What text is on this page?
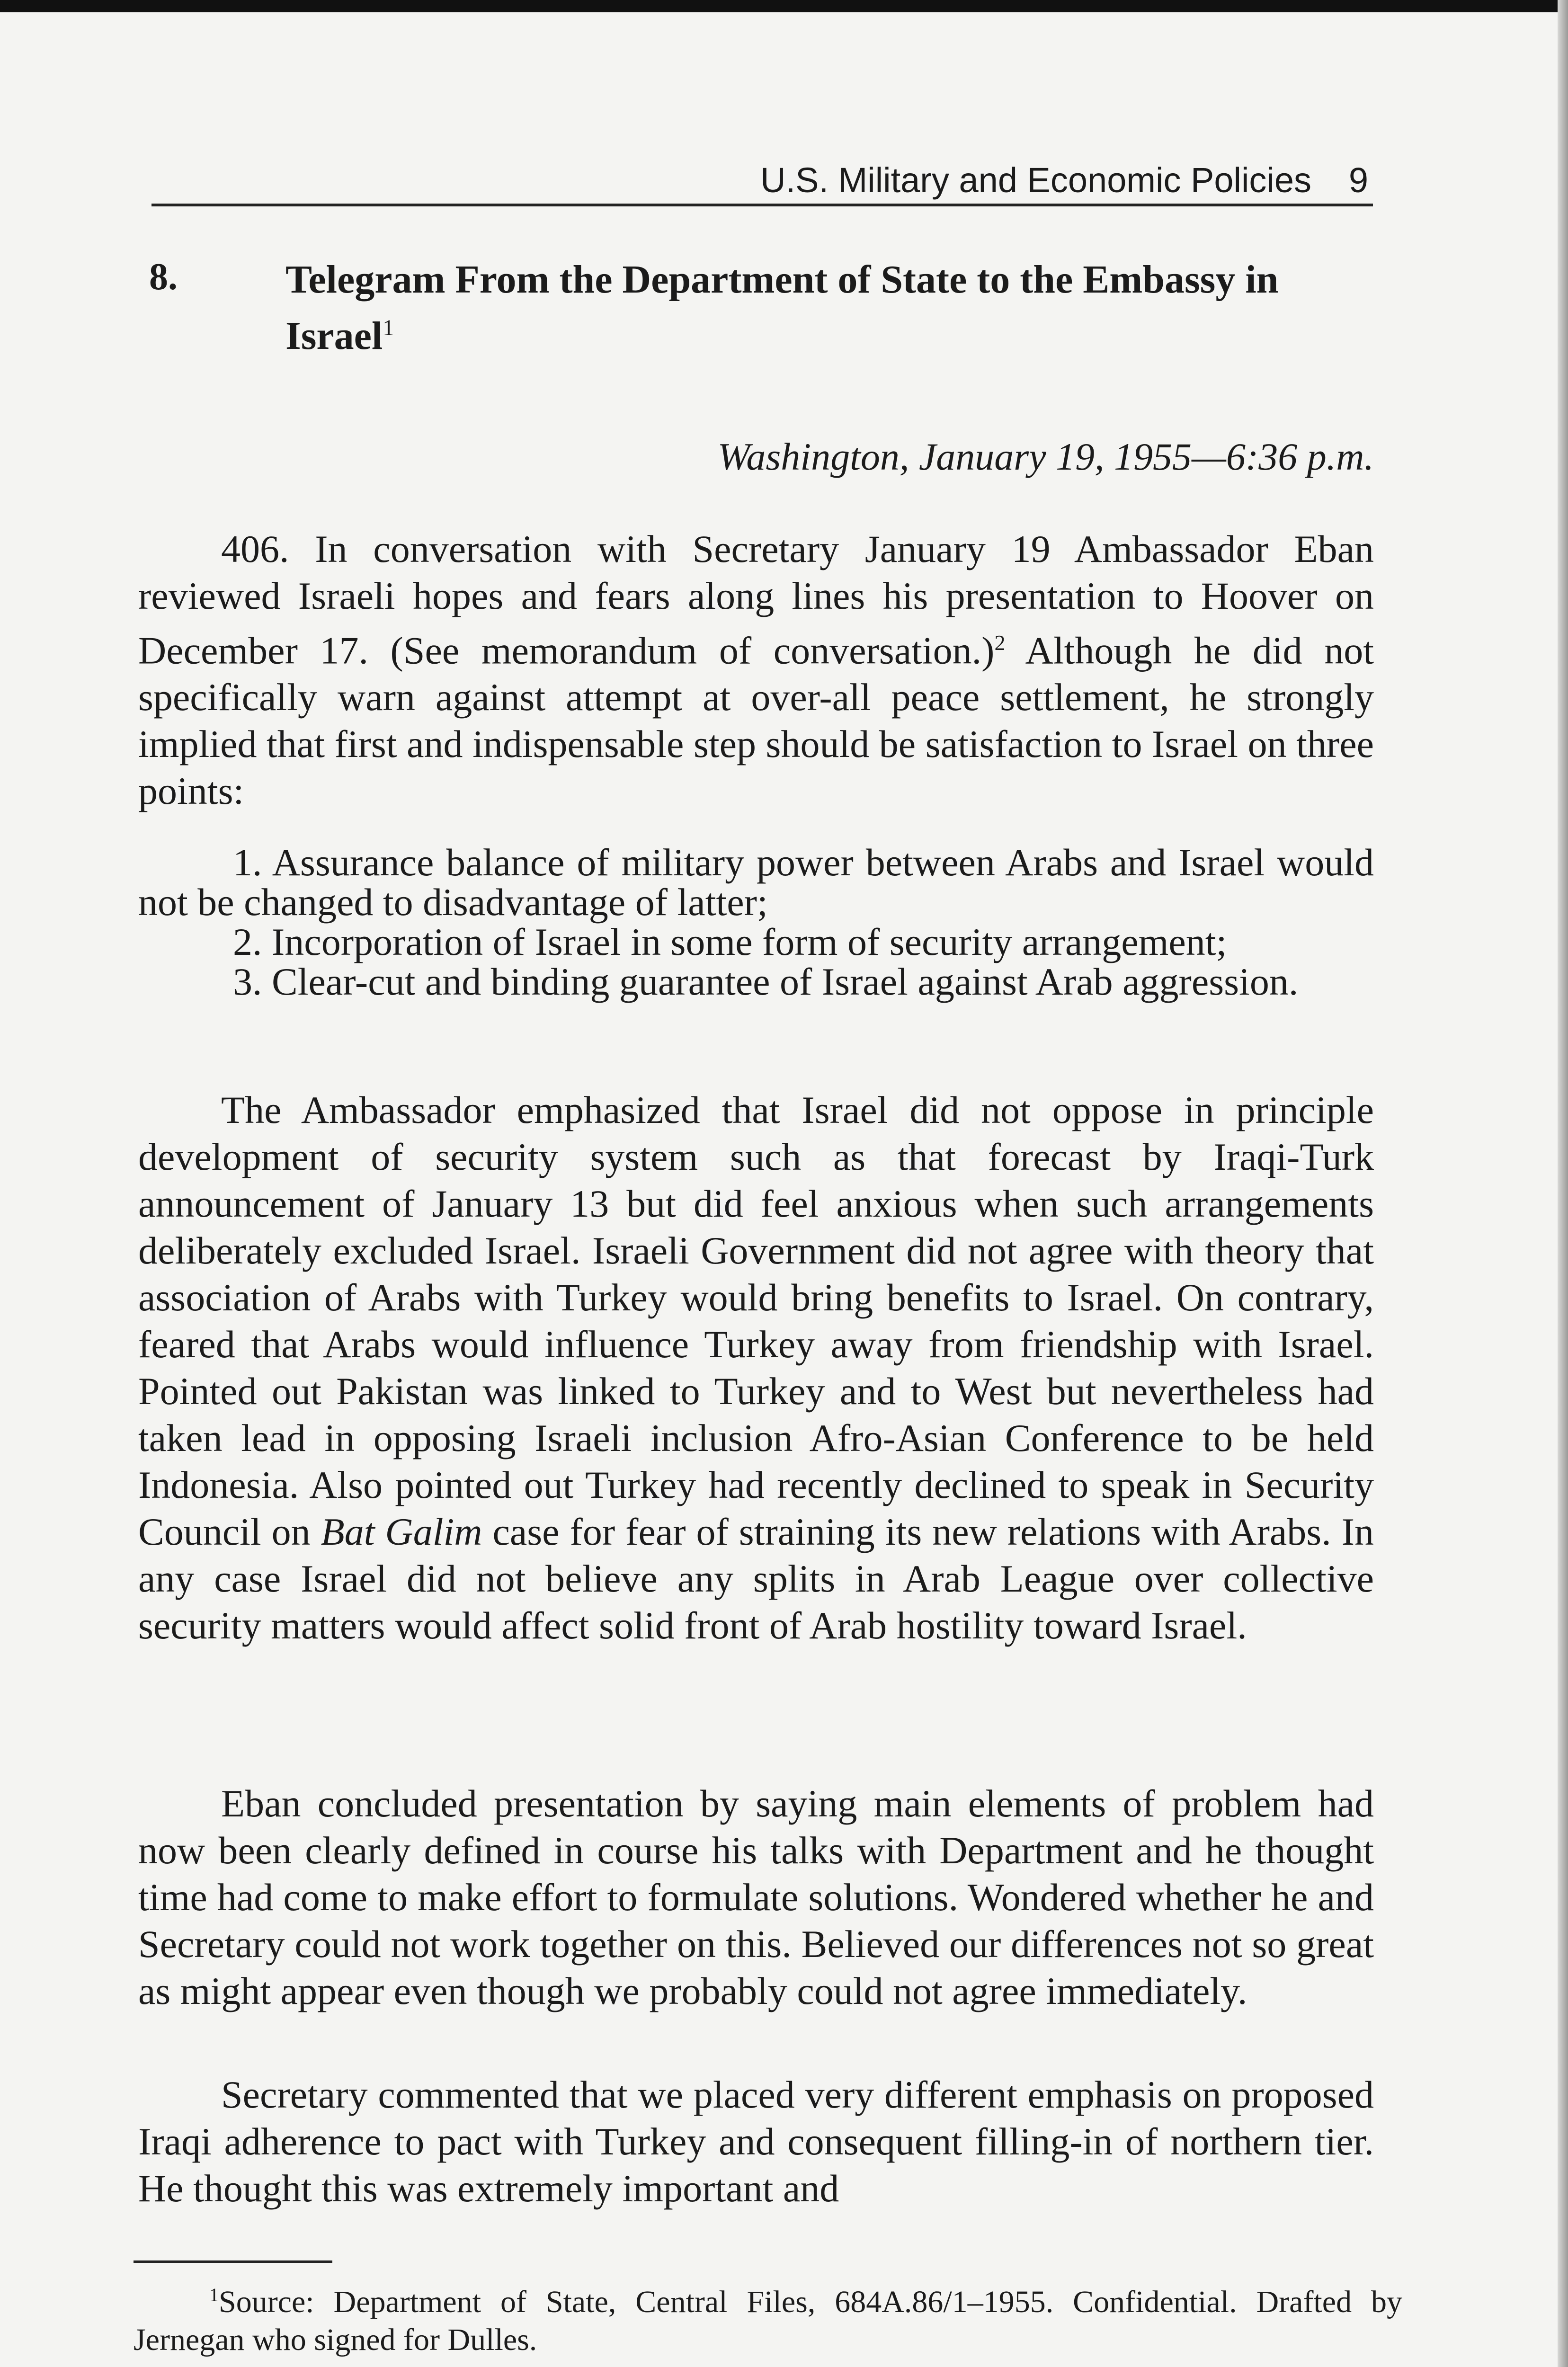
U.S. Military and Economic Policies 9
8.	Telegram From the Department of State to the Embassy in Israel$^1$
Washington, January 19, 1955—6:36 p.m.

406. In conversation with Secretary January 19 Ambassador Eban reviewed Israeli hopes and fears along lines his presentation to Hoover on December 17. (See memorandum of conversation.)$^2$ Although he did not specifically warn against attempt at over-all peace settlement, he strongly implied that first and indispensable step should be satisfaction to Israel on three points:

1. Assurance balance of military power between Arabs and Israel would not be changed to disadvantage of latter;

2. Incorporation of Israel in some form of security arrangement;

3. Clear-cut and binding guarantee of Israel against Arab aggression.

The Ambassador emphasized that Israel did not oppose in principle development of security system such as that forecast by Iraqi-Turk announcement of January 13 but did feel anxious when such arrangements deliberately excluded Israel. Israeli Government did not agree with theory that association of Arabs with Turkey would bring benefits to Israel. On contrary, feared that Arabs would influence Turkey away from friendship with Israel. Pointed out Pakistan was linked to Turkey and to West but nevertheless had taken lead in opposing Israeli inclusion Afro-Asian Conference to be held Indonesia. Also pointed out Turkey had recently declined to speak in Security Council on Bat Galim case for fear of straining its new relations with Arabs. In any case Israel did not believe any splits in Arab League over collective security matters would affect solid front of Arab hostility toward Israel.

Eban concluded presentation by saying main elements of problem had now been clearly defined in course his talks with Department and he thought time had come to make effort to formulate solutions. Wondered whether he and Secretary could not work together on this. Believed our differences not so great as might appear even though we probably could not agree immediately.

Secretary commented that we placed very different emphasis on proposed Iraqi adherence to pact with Turkey and consequent filling-in of northern tier. He thought this was extremely important and

$^1$Source: Department of State, Central Files, 684A.86/1–1955. Confidential. Drafted by Jernegan who signed for Dulles.
